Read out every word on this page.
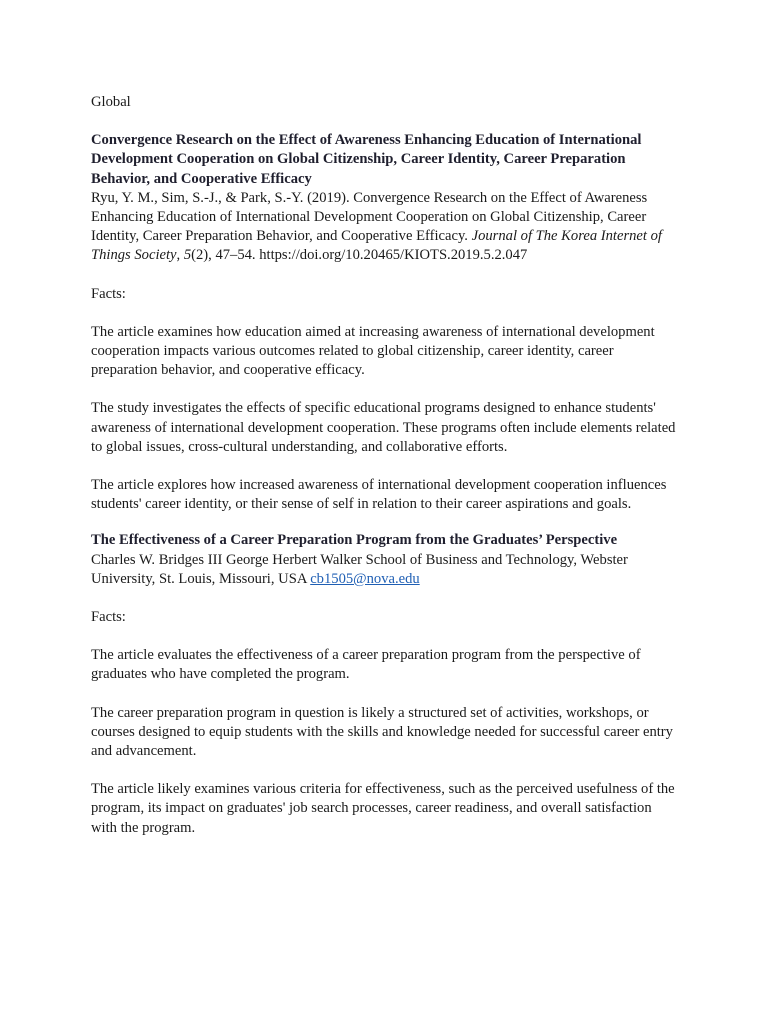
Global

Convergence Research on the Effect of Awareness Enhancing Education of International Development Cooperation on Global Citizenship, Career Identity, Career Preparation Behavior, and Cooperative Efficacy

Ryu, Y. M., Sim, S.-J., & Park, S.-Y. (2019). Convergence Research on the Effect of Awareness Enhancing Education of International Development Cooperation on Global Citizenship, Career Identity, Career Preparation Behavior, and Cooperative Efficacy. Journal of The Korea Internet of Things Society, 5(2), 47–54. https://doi.org/10.20465/KIOTS.2019.5.2.047

Facts:

The article examines how education aimed at increasing awareness of international development cooperation impacts various outcomes related to global citizenship, career identity, career preparation behavior, and cooperative efficacy.

The study investigates the effects of specific educational programs designed to enhance students' awareness of international development cooperation. These programs often include elements related to global issues, cross-cultural understanding, and collaborative efforts.

The article explores how increased awareness of international development cooperation influences students' career identity, or their sense of self in relation to their career aspirations and goals.

The Effectiveness of a Career Preparation Program from the Graduates’ Perspective

Charles W. Bridges III George Herbert Walker School of Business and Technology, Webster University, St. Louis, Missouri, USA cb1505@nova.edu

Facts:

The article evaluates the effectiveness of a career preparation program from the perspective of graduates who have completed the program.

The career preparation program in question is likely a structured set of activities, workshops, or courses designed to equip students with the skills and knowledge needed for successful career entry and advancement.

The article likely examines various criteria for effectiveness, such as the perceived usefulness of the program, its impact on graduates' job search processes, career readiness, and overall satisfaction with the program.
